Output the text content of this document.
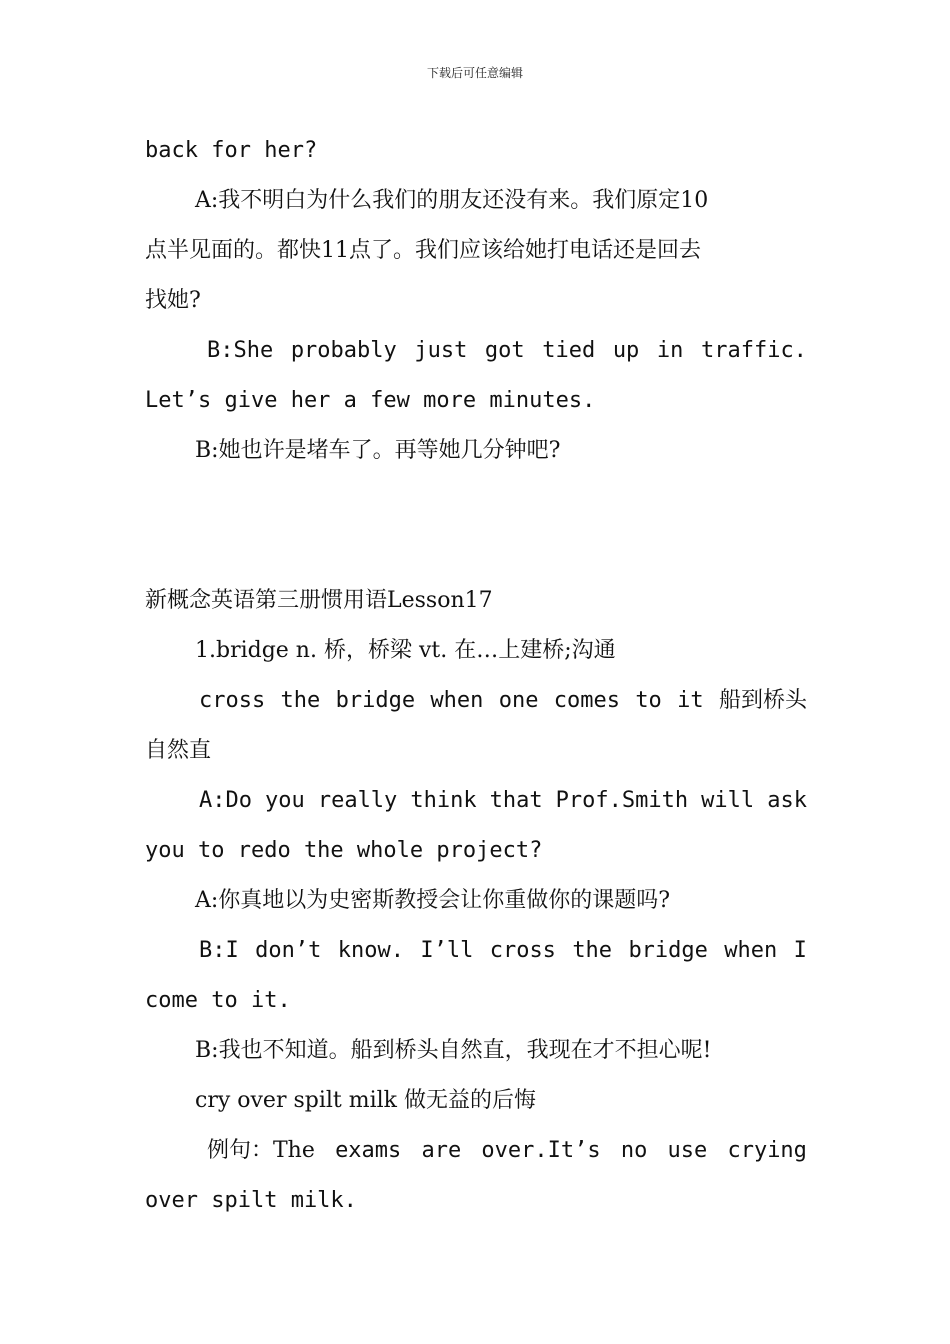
下载后可任意编辑
back for her?
A:我不明白为什么我们的朋友还没有来。我们原定10
点半见面的。都快11点了。我们应该给她打电话还是回去
找她?
B:She probably just got tied up in traffic.
Let’s give her a few more minutes.
B:她也许是堵车了。再等她几分钟吧?
新概念英语第三册惯用语Lesson17
1.bridge n. 桥，桥梁 vt. 在…上建桥;沟通
cross the bridge when one comes to it 船到桥头
自然直
A:Do you really think that Prof.Smith will ask
you to redo the whole project?
A:你真地以为史密斯教授会让你重做你的课题吗?
B:I don’t know. I’ll cross the bridge when I
come to it.
B:我也不知道。船到桥头自然直，我现在才不担心呢!
cry over spilt milk 做无益的后悔
例句：The exams are over.It’s no use crying
over spilt milk.
